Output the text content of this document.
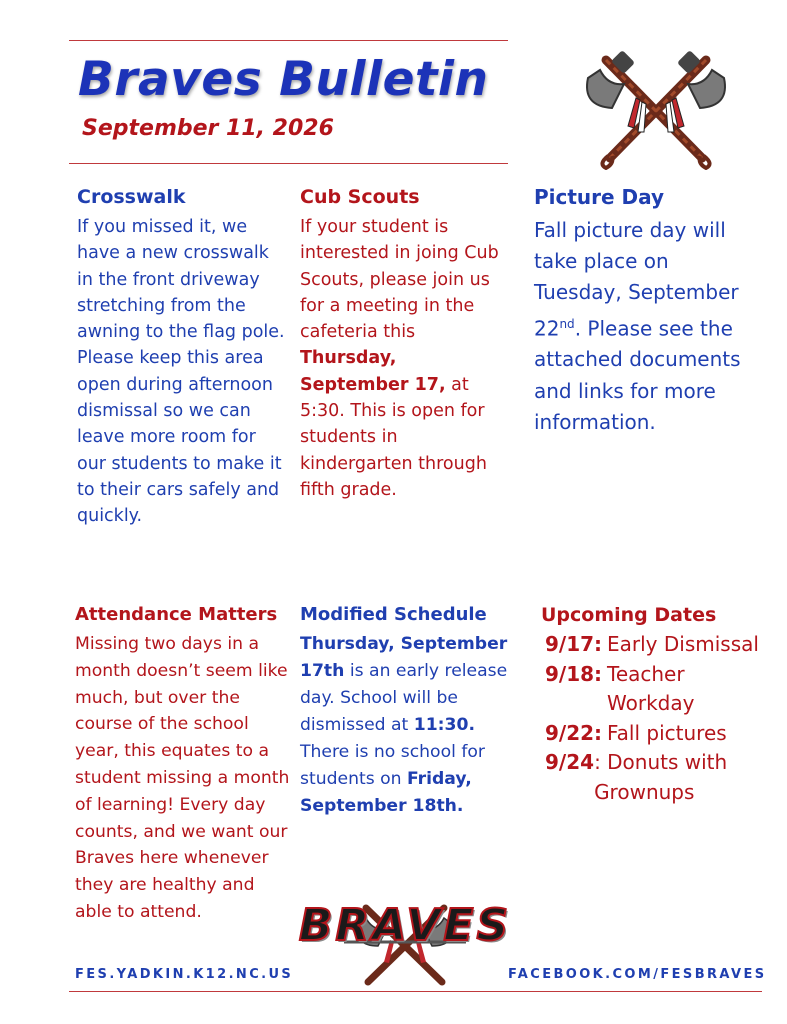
Braves Bulletin
September 11, 2026
Crosswalk

If you missed it, we have a new crosswalk in the front driveway stretching from the awning to the flag pole. Please keep this area open during afternoon dismissal so we can leave more room for our students to make it to their cars safely and quickly.

Cub Scouts

If your student is interested in joing Cub Scouts, please join us for a meeting in the cafeteria this Thursday, September 17, at 5:30. This is open for students in kindergarten through fifth grade.

Picture Day

Fall picture day will take place on Tuesday, September 22nd. Please see the attached documents and links for more information.

Attendance Matters

Missing two days in a month doesn’t seem like much, but over the course of the school year, this equates to a student missing a month of learning! Every day counts, and we want our Braves here whenever they are healthy and able to attend.

Modified Schedule

Thursday, September 17th is an early release day. School will be dismissed at 11:30. There is no school for students on Friday, September 18th.

Upcoming Dates
9/17: Early Dismissal
9/18: Teacher Workday
9/22: Fall pictures
9/24 : Donuts with Grownups
BRAVES
FES.YADKIN.K12.NC.US	FACEBOOK.COM/FESBRAVES
